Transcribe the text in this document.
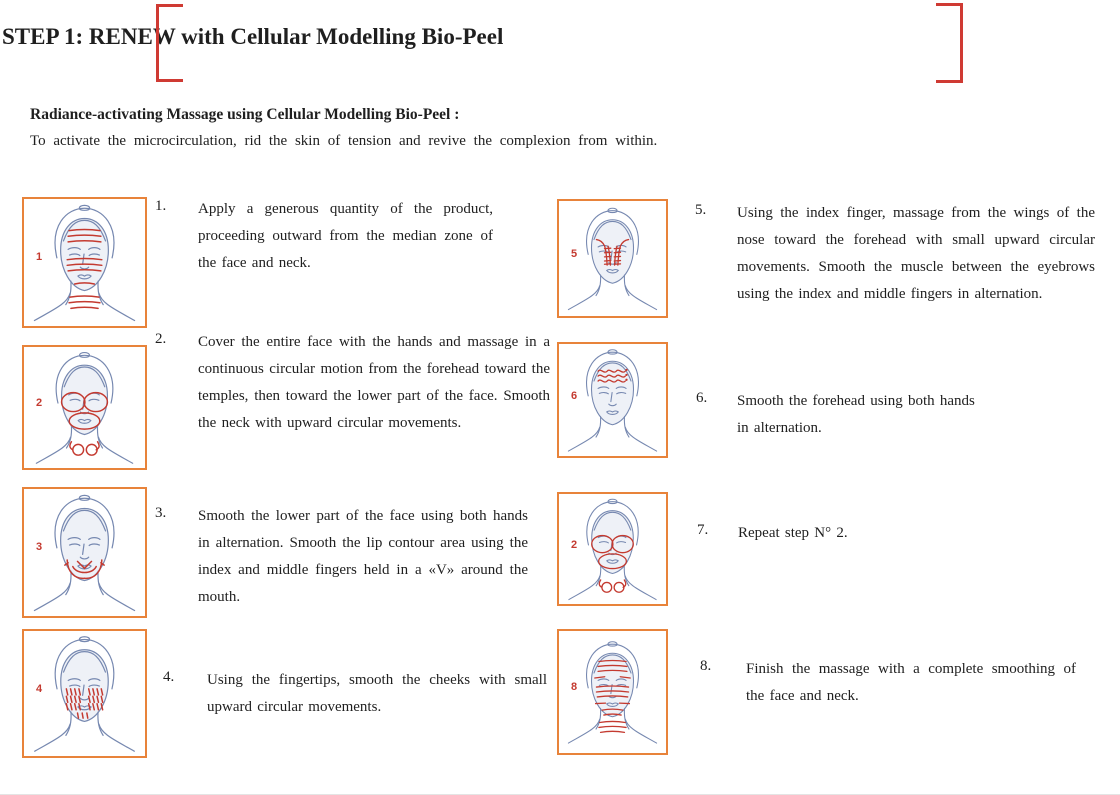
STEP 1: RENEW with Cellular Modelling Bio-Peel
Radiance-activating Massage using Cellular Modelling Bio-Peel :
To activate the microcirculation, rid the skin of tension and revive the complexion from within.
1
1. Apply a generous quantity of the product, proceeding outward from the median zone of the face and neck.
2
2. Cover the entire face with the hands and massage in a continuous circular motion from the forehead toward the temples, then toward the lower part of the face. Smooth the neck with upward circular movements.
3
3. Smooth the lower part of the face using both hands in alternation. Smooth the lip contour area using the index and middle fingers held in a «V» around the mouth.
4
4. Using the fingertips, smooth the cheeks with small upward circular movements.
5
5. Using the index finger, massage from the wings of the nose toward the forehead with small upward circular movements. Smooth the muscle between the eyebrows using the index and middle fingers in alternation.
6	6. Smooth the forehead using both hands in alternation.
2
7. Repeat step N° 2.
8
8. Finish the massage with a complete smoothing of the face and neck.
